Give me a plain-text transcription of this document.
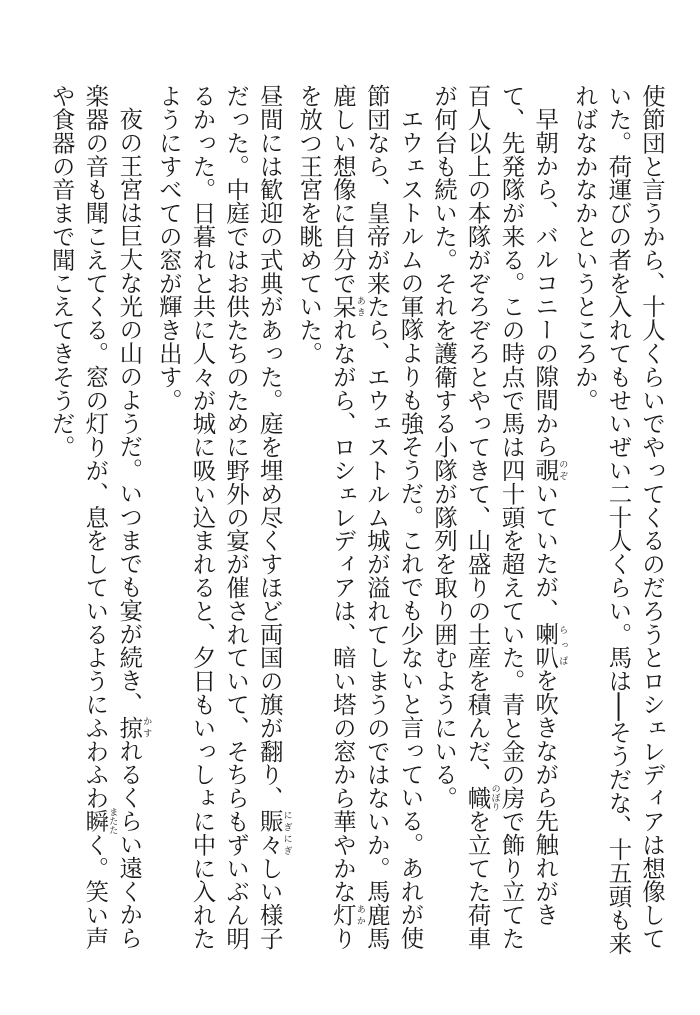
使節団と言うから、十人くらいでやってくるのだろうとロシェレディアは想像していた。荷運びの者を入れてもせいぜい二十人くらい。馬は──そうだな、十五頭も来ればなかなかというところか。

早朝から、バルコニーの隙間から覗のぞいていたが、喇叭らっぱを吹きながら先触れがきて、先発隊が来る。この時点で馬は四十頭を超えていた。青と金の房で飾り立てた百人以上の本隊がぞろぞろとやってきて、山盛りの土産を積んだ、幟のぼりを立てた荷車が何台も続いた。それを護衛する小隊が隊列を取り囲むようにいる。

エウェストルムの軍隊よりも強そうだ。これでも少ないと言っている。あれが使節団なら、皇帝が来たら、エウェストルム城が溢れてしまうのではないか。馬鹿馬鹿しい想像に自分で呆あきれながら、ロシェレディアは、暗い塔の窓から華やかな灯あかりを放つ王宮を眺めていた。

昼間には歓迎の式典があった。庭を埋め尽くすほど両国の旗が翻り、賑々にぎにぎしい様子だった。中庭ではお供たちのために野外の宴が催されていて、そちらもずいぶん明るかった。日暮れと共に人々が城に吸い込まれると、夕日もいっしょに中に入れたようにすべての窓が輝き出す。

夜の王宮は巨大な光の山のようだ。いつまでも宴が続き、掠かすれるくらい遠くから楽器の音も聞こえてくる。窓の灯りが、息をしているようにふわふわ瞬またたく。笑い声や食器の音まで聞こえてきそうだ。
